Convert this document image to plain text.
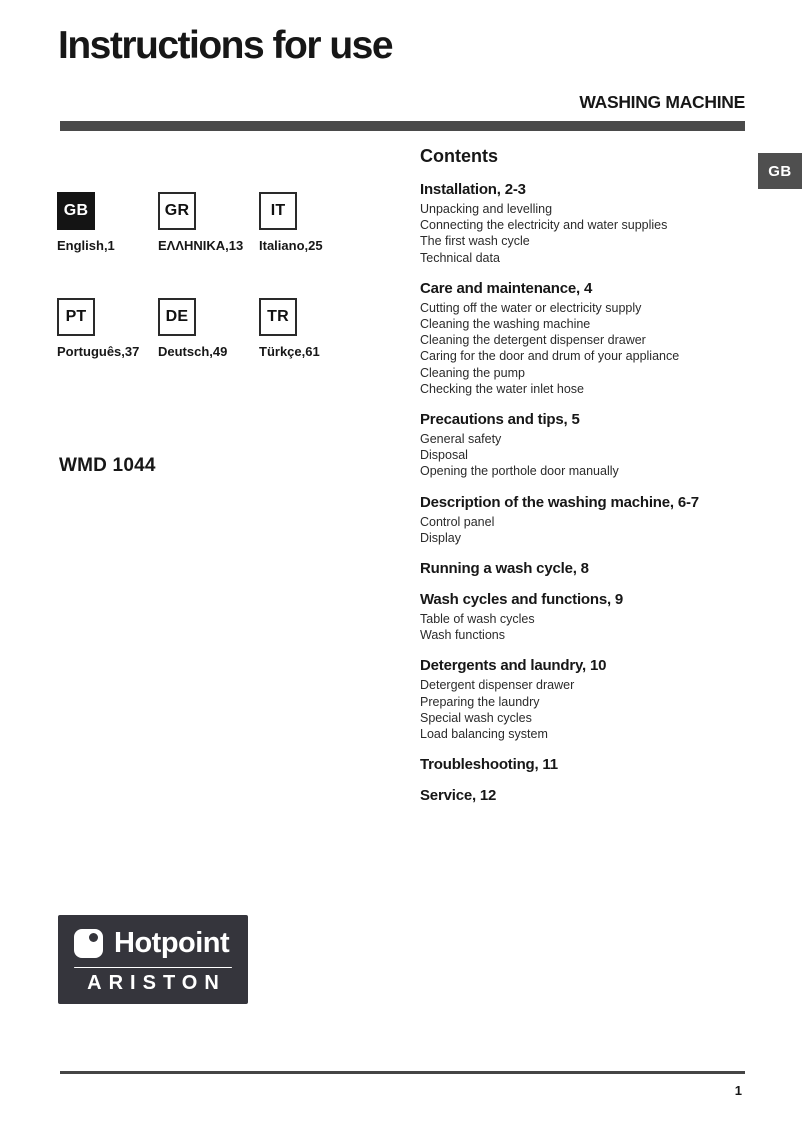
Instructions for use
WASHING MACHINE
GB
GB
English,1
GR
ΕΛΛΗΝΙΚΑ,13
IT
Italiano,25
PT
Português,37
DE
Deutsch,49
TR
Türkçe,61
WMD 1044
Contents
Installation, 2-3
Unpacking and levelling
Connecting the electricity and water supplies
The first wash cycle
Technical data
Care and maintenance, 4
Cutting off the water or electricity supply
Cleaning the washing machine
Cleaning the detergent dispenser drawer
Caring for the door and drum of your appliance
Cleaning the pump
Checking the water inlet hose
Precautions and tips, 5
General safety
Disposal
Opening the porthole door manually
Description of the washing machine, 6-7
Control panel
Display
Running a wash cycle, 8
Wash cycles and functions, 9
Table of wash cycles
Wash functions
Detergents and laundry, 10
Detergent dispenser drawer
Preparing the laundry
Special wash cycles
Load balancing system
Troubleshooting, 11
Service, 12
Hotpoint
ARISTON
1
